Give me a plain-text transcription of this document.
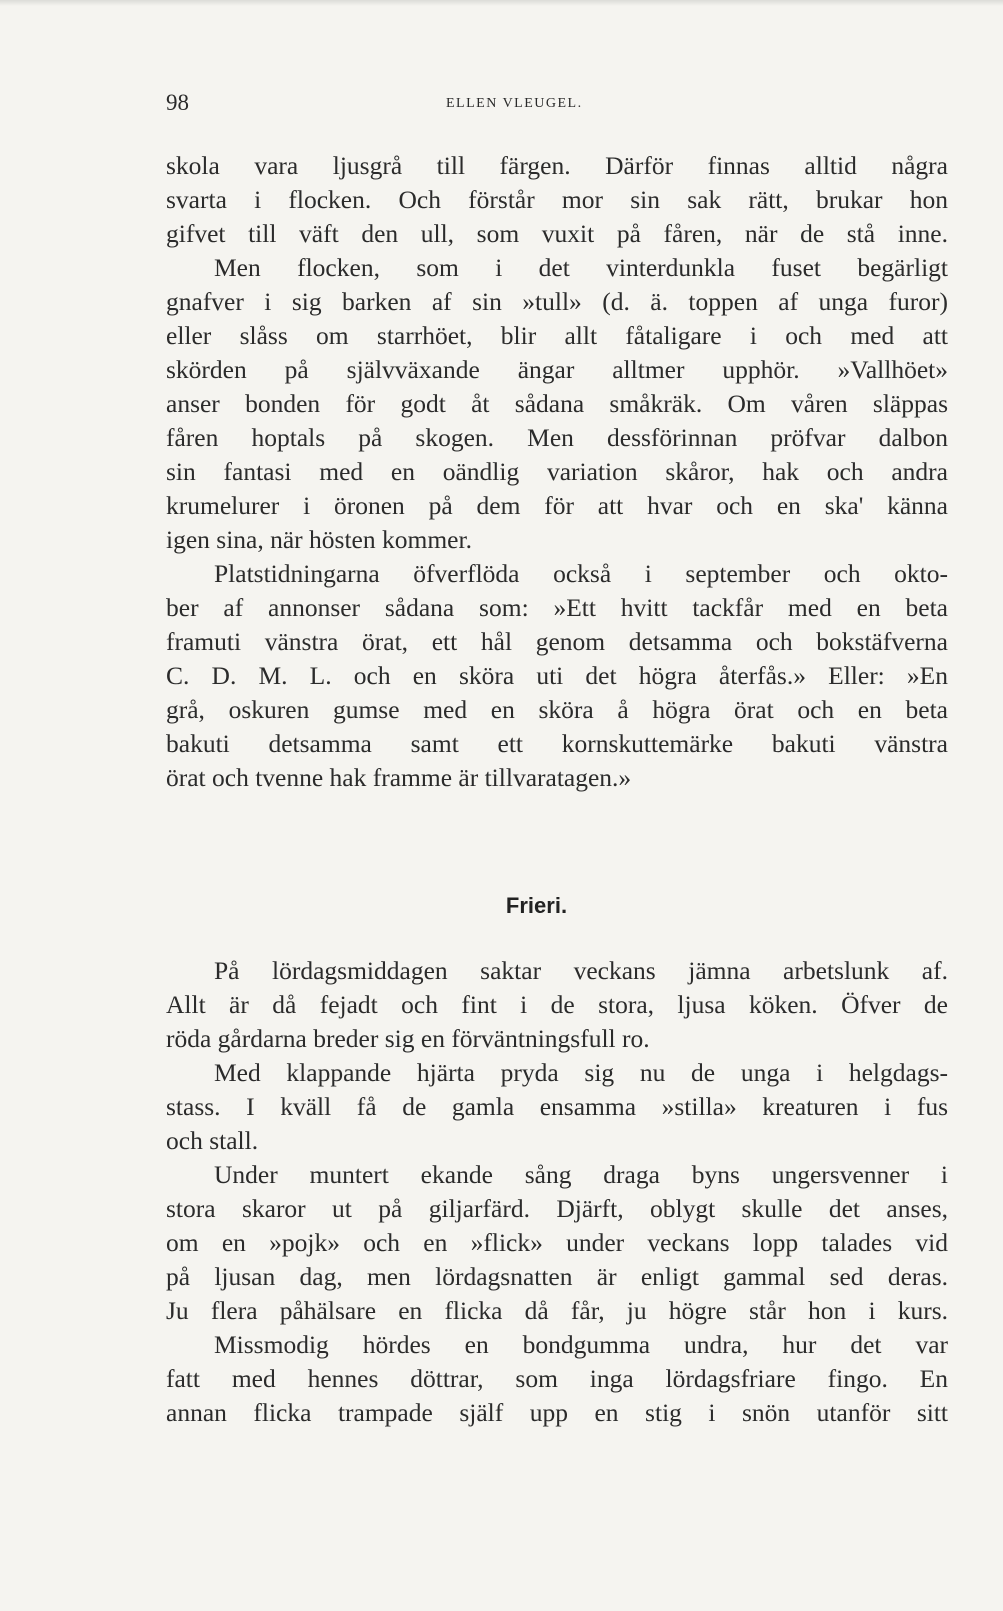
98	ELLEN VLEUGEL.
skola vara ljusgrå till färgen. Därför finnas alltid några
svarta i flocken. Och förstår mor sin sak rätt, brukar hon
gifvet till väft den ull, som vuxit på fåren, när de stå inne.
Men flocken, som i det vinterdunkla fuset begärligt
gnafver i sig barken af sin »tull» (d. ä. toppen af unga furor)
eller slåss om starrhöet, blir allt fåtaligare i och med att
skörden på självväxande ängar alltmer upphör. »Vallhöet»
anser bonden för godt åt sådana småkräk. Om våren släppas
fåren hoptals på skogen. Men dessförinnan pröfvar dalbon
sin fantasi med en oändlig variation skåror, hak och andra
krumelurer i öronen på dem för att hvar och en ska' känna
igen sina, när hösten kommer.
Platstidningarna öfverflöda också i september och okto-
ber af annonser sådana som: »Ett hvitt tackfår med en beta
framuti vänstra örat, ett hål genom detsamma och bokstäfverna
C. D. M. L. och en sköra uti det högra återfås.» Eller: »En
grå, oskuren gumse med en sköra å högra örat och en beta
bakuti detsamma samt ett kornskuttemärke bakuti vänstra
örat och tvenne hak framme är tillvaratagen.»
Frieri.
På lördagsmiddagen saktar veckans jämna arbetslunk af.
Allt är då fejadt och fint i de stora, ljusa köken. Öfver de
röda gårdarna breder sig en förväntningsfull ro.
Med klappande hjärta pryda sig nu de unga i helgdags-
stass. I kväll få de gamla ensamma »stilla» kreaturen i fus
och stall.
Under muntert ekande sång draga byns ungersvenner i
stora skaror ut på giljarfärd. Djärft, oblygt skulle det anses,
om en »pojk» och en »flick» under veckans lopp talades vid
på ljusan dag, men lördagsnatten är enligt gammal sed deras.
Ju flera påhälsare en flicka då får, ju högre står hon i kurs.
Missmodig hördes en bondgumma undra, hur det var
fatt med hennes döttrar, som inga lördagsfriare fingo. En
annan flicka trampade själf upp en stig i snön utanför sitt
